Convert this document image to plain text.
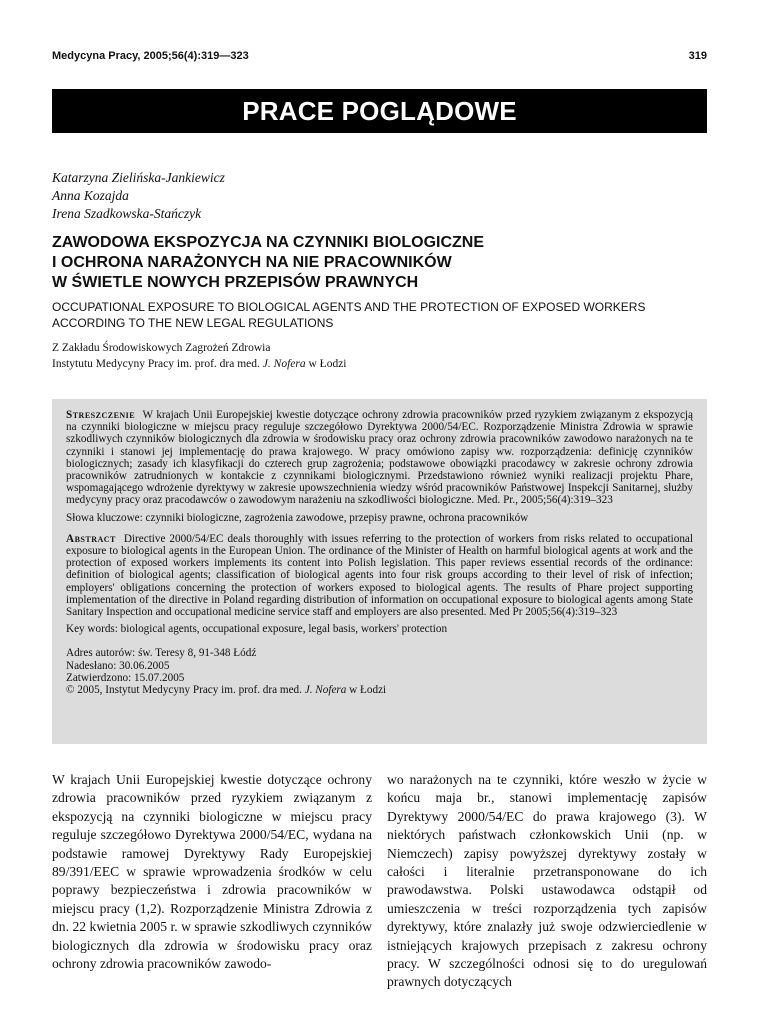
Medycyna Pracy, 2005;56(4):319—323	319
PRACE POGLĄDOWE
Katarzyna Zielińska-Jankiewicz
Anna Kozajda
Irena Szadkowska-Stańczyk
ZAWODOWA EKSPOZYCJA NA CZYNNIKI BIOLOGICZNE
I OCHRONA NARAŻONYCH NA NIE PRACOWNIKÓW
W ŚWIETLE NOWYCH PRZEPISÓW PRAWNYCH
OCCUPATIONAL EXPOSURE TO BIOLOGICAL AGENTS AND THE PROTECTION OF EXPOSED WORKERS ACCORDING TO THE NEW LEGAL REGULATIONS
Z Zakładu Środowiskowych Zagrożeń Zdrowia
Instytutu Medycyny Pracy im. prof. dra med. J. Nofera w Łodzi

Streszczenie W krajach Unii Europejskiej kwestie dotyczące ochrony zdrowia pracowników przed ryzykiem związanym z ekspozycją na czynniki biologiczne w miejscu pracy reguluje szczegółowo Dyrektywa 2000/54/EC. Rozporządzenie Ministra Zdrowia w sprawie szkodliwych czynników biologicznych dla zdrowia w środowisku pracy oraz ochrony zdrowia pracowników zawodowo narażonych na te czynniki i stanowi jej implementację do prawa krajowego. W pracy omówiono zapisy ww. rozporządzenia: definicję czynników biologicznych; zasady ich klasyfikacji do czterech grup zagrożenia; podstawowe obowiązki pracodawcy w zakresie ochrony zdrowia pracowników zatrudnionych w kontakcie z czynnikami biologicznymi. Przedstawiono również wyniki realizacji projektu Phare, wspomagającego wdrożenie dyrektywy w zakresie upowszechnienia wiedzy wśród pracowników Państwowej Inspekcji Sanitarnej, służby medycyny pracy oraz pracodawców o zawodowym narażeniu na szkodliwości biologiczne. Med. Pr., 2005;56(4):319–323

Słowa kluczowe: czynniki biologiczne, zagrożenia zawodowe, przepisy prawne, ochrona pracowników

Abstract Directive 2000/54/EC deals thoroughly with issues referring to the protection of workers from risks related to occupational exposure to biological agents in the European Union. The ordinance of the Minister of Health on harmful biological agents at work and the protection of exposed workers implements its content into Polish legislation. This paper reviews essential records of the ordinance: definition of biological agents; classification of biological agents into four risk groups according to their level of risk of infection; employers' obligations concerning the protection of workers exposed to biological agents. The results of Phare project supporting implementation of the directive in Poland regarding distribution of information on occupational exposure to biological agents among State Sanitary Inspection and occupational medicine service staff and employers are also presented. Med Pr 2005;56(4):319–323

Key words: biological agents, occupational exposure, legal basis, workers' protection

Adres autorów: św. Teresy 8, 91-348 Łódź
Nadesłano: 30.06.2005
Zatwierdzono: 15.07.2005
© 2005, Instytut Medycyny Pracy im. prof. dra med. J. Nofera w Łodzi

W krajach Unii Europejskiej kwestie dotyczące ochrony zdrowia pracowników przed ryzykiem związanym z ekspozycją na czynniki biologiczne w miejscu pracy reguluje szczegółowo Dyrektywa 2000/54/EC, wydana na podstawie ramowej Dyrektywy Rady Europejskiej 89/391/EEC w sprawie wprowadzenia środków w celu poprawy bezpieczeństwa i zdrowia pracowników w miejscu pracy (1,2). Rozporządzenie Ministra Zdrowia z dn. 22 kwietnia 2005 r. w sprawie szkodliwych czynników biologicznych dla zdrowia w środowisku pracy oraz ochrony zdrowia pracowników zawodo-

wo narażonych na te czynniki, które weszło w życie w końcu maja br., stanowi implementację zapisów Dyrektywy 2000/54/EC do prawa krajowego (3). W niektórych państwach członkowskich Unii (np. w Niemczech) zapisy powyższej dyrektywy zostały w całości i literalnie przetransponowane do ich prawodawstwa. Polski ustawodawca odstąpił od umieszczenia w treści rozporządzenia tych zapisów dyrektywy, które znalazły już swoje odzwierciedlenie w istniejących krajowych przepisach z zakresu ochrony pracy. W szczególności odnosi się to do uregulowań prawnych dotyczących
